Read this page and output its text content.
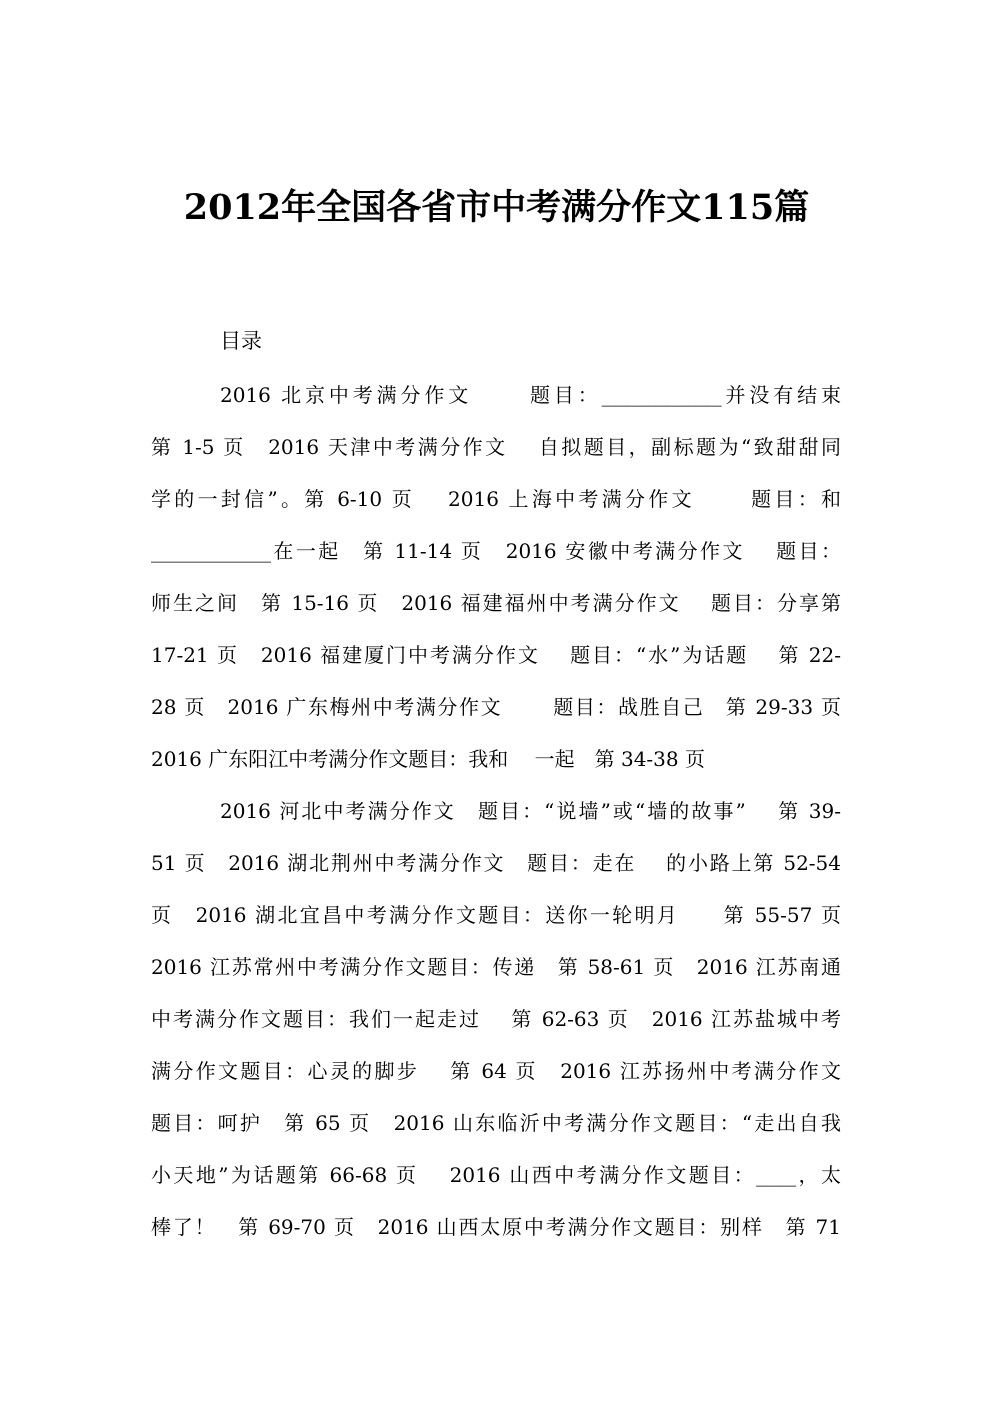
2012年全国各省市中考满分作文115篇
目录
2016 北京中考满分作文　　 题目：____________并没有结束
第 1-5 页　2016 天津中考满分作文　 自拟题目，副标题为“致甜甜同
学的一封信”。第 6-10 页　 2016 上海中考满分作文　　 题目：和
____________在一起　第 11-14 页　2016 安徽中考满分作文　 题目：
师生之间　第 15-16 页　2016 福建福州中考满分作文　 题目：分享第
17-21 页　2016 福建厦门中考满分作文　 题目：“水”为话题　 第 22-
28 页　2016 广东梅州中考满分作文　　 题目：战胜自己　第 29-33 页
2016 广东阳江中考满分作文题目：我和　 一起　第 34-38 页
2016 河北中考满分作文　题目：“说墙”或“墙的故事”　 第 39-
51 页　2016 湖北荆州中考满分作文　题目：走在　 的小路上第 52-54
页　2016 湖北宜昌中考满分作文题目：送你一轮明月　　第 55-57 页
2016 江苏常州中考满分作文题目：传递　第 58-61 页　2016 江苏南通
中考满分作文题目：我们一起走过　 第 62-63 页　2016 江苏盐城中考
满分作文题目：心灵的脚步　 第 64 页　2016 江苏扬州中考满分作文
题目：呵护　第 65 页　2016 山东临沂中考满分作文题目：“走出自我
小天地”为话题第 66-68 页　 2016 山西中考满分作文题目：____，太
棒了！　第 69-70 页　2016 山西太原中考满分作文题目：别样　第 71
